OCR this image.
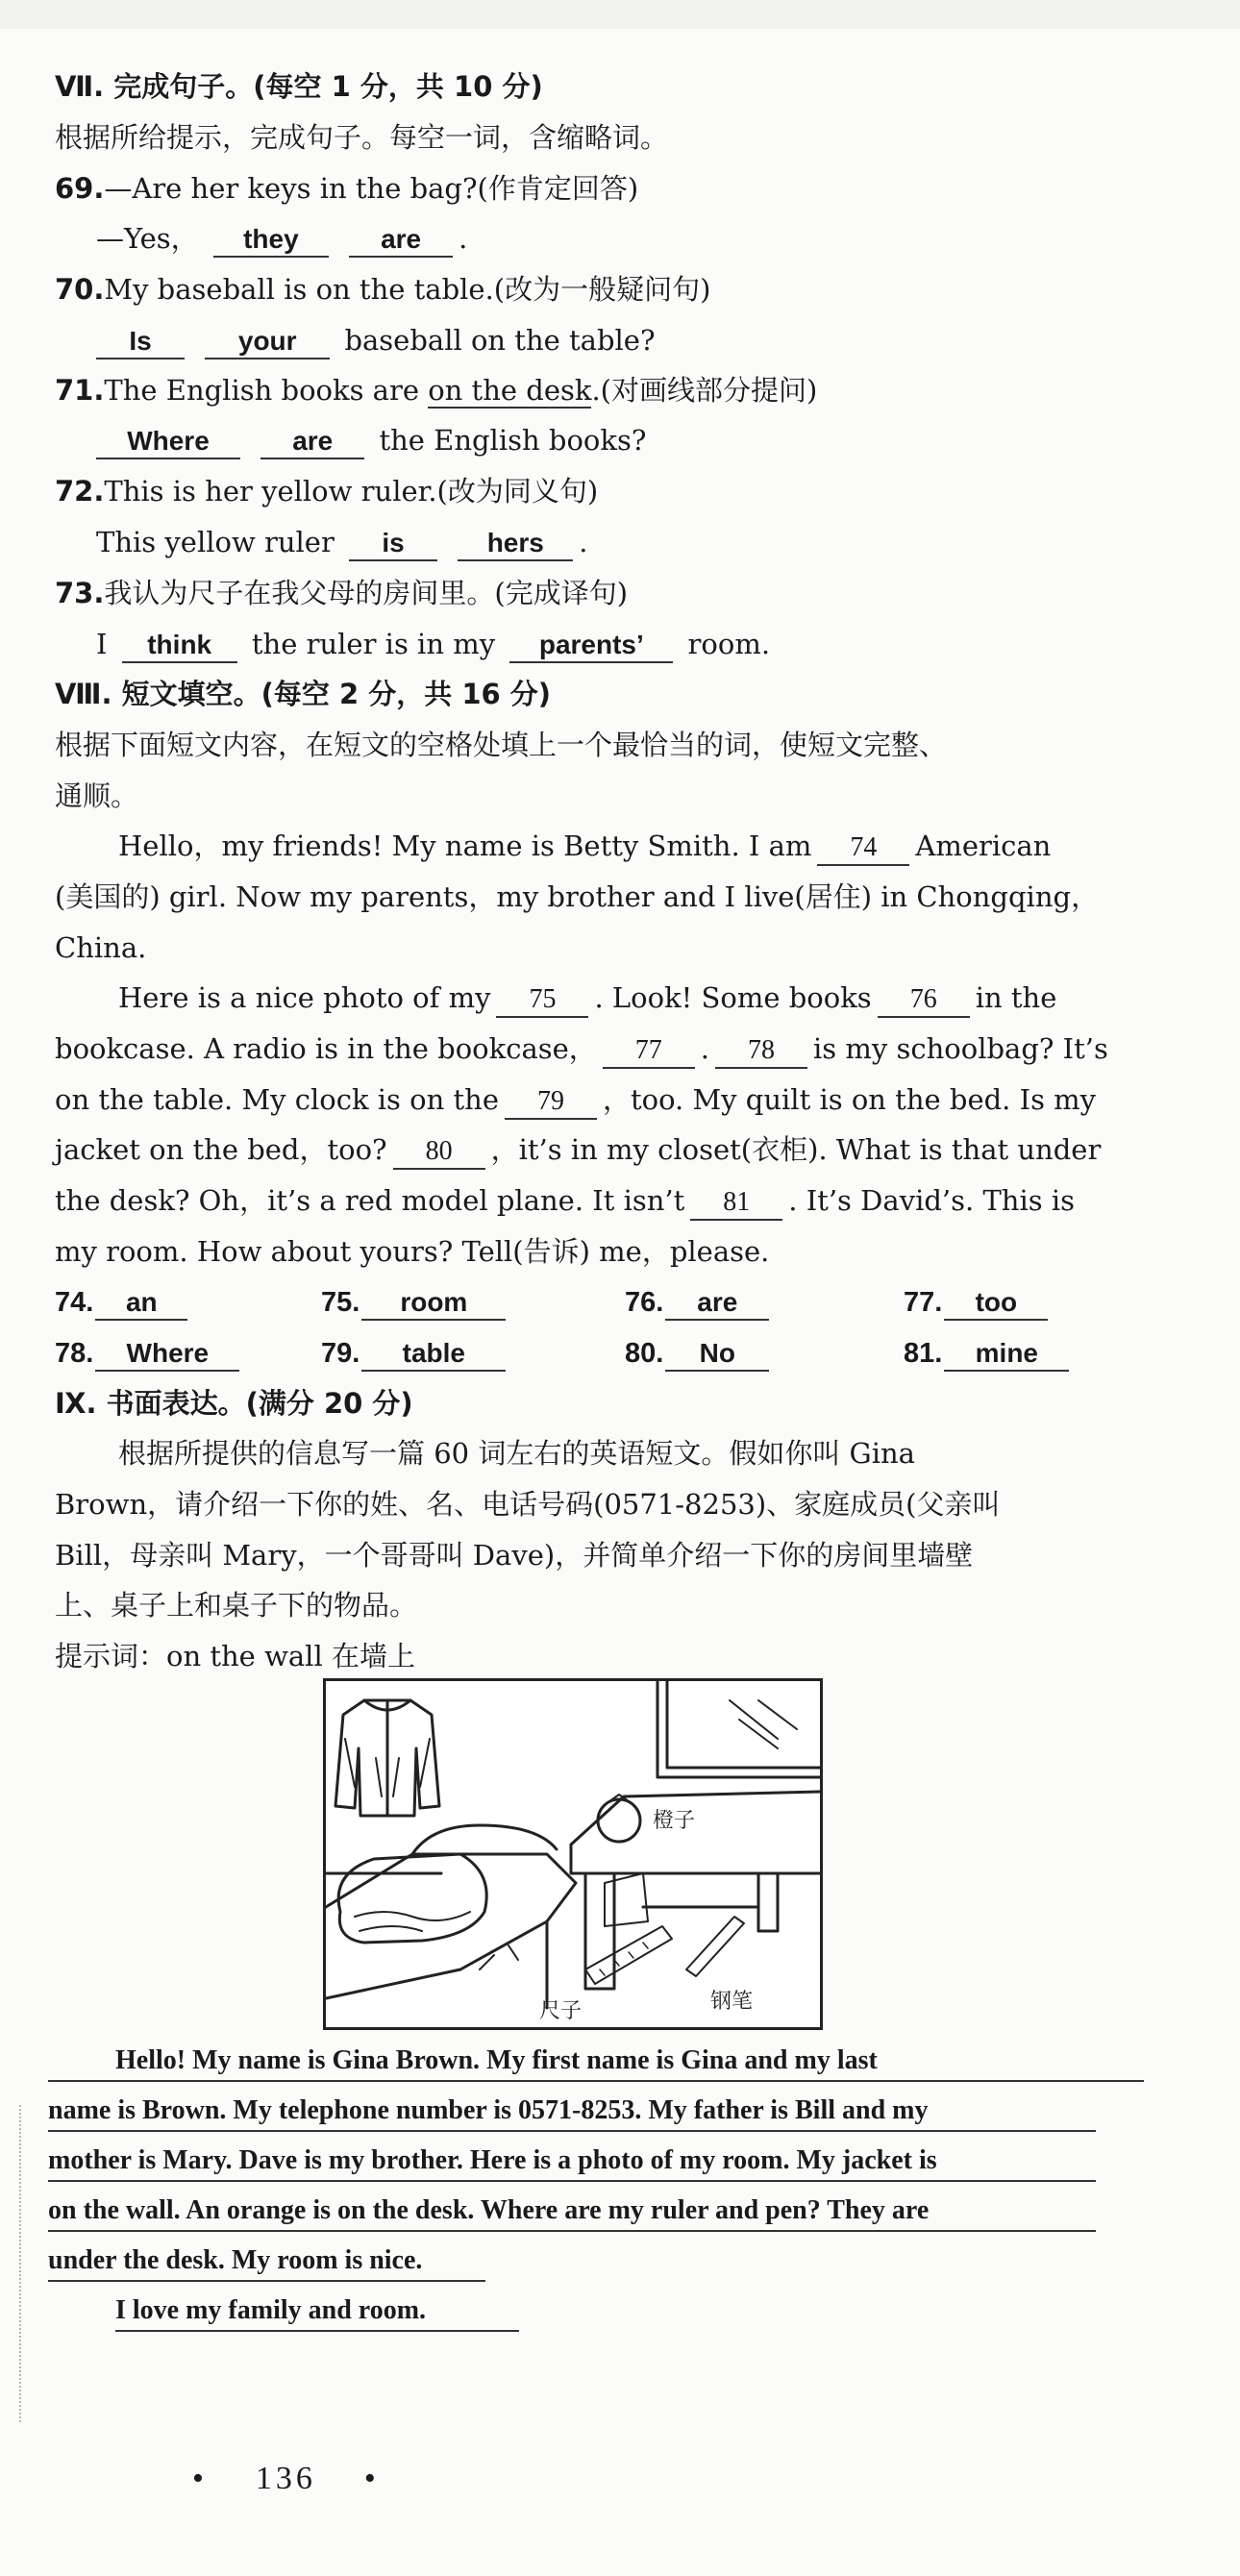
Ⅶ. 完成句子。(每空 1 分，共 10 分)
根据所给提示，完成句子。每空一词，含缩略词。
69.—Are her keys in the bag?(作肯定回答)
—Yes， they	are .
70.My baseball is on the table.(改为一般疑问句)
Is	your baseball on the table?
71.The English books are on the desk.(对画线部分提问)
Where	are the English books?
72.This is her yellow ruler.(改为同义句)
This yellow ruler is	hers .
73.我认为尺子在我父母的房间里。(完成译句)
I think the ruler is in my parents’ room.
Ⅷ. 短文填空。(每空 2 分，共 16 分)
根据下面短文内容，在短文的空格处填上一个最恰当的词，使短文完整、
通顺。
Hello，my friends! My name is Betty Smith. I am 74 American
(美国的) girl. Now my parents，my brother and I live(居住) in Chongqing，
China.
Here is a nice photo of my 75 . Look! Some books 76 in the
bookcase. A radio is in the bookcase， 77 . 78 is my schoolbag? It’s
on the table. My clock is on the 79 ，too. My quilt is on the bed. Is my
jacket on the bed，too? 80 ，it’s in my closet(衣柜). What is that under
the desk? Oh，it’s a red model plane. It isn’t 81 . It’s David’s. This is
my room. How about yours? Tell(告诉) me，please.
74. an	75. room	76. are	77. too
78. Where	79. table	80. No	81. mine
Ⅸ. 书面表达。(满分 20 分)
根据所提供的信息写一篇 60 词左右的英语短文。假如你叫 Gina
Brown，请介绍一下你的姓、名、电话号码(0571-8253)、家庭成员(父亲叫
Bill，母亲叫 Mary，一个哥哥叫 Dave)，并简单介绍一下你的房间里墙壁
上、桌子上和桌子下的物品。
提示词：on the wall 在墙上
橙子
尺子	钢笔
Hello! My name is Gina Brown. My first name is Gina and my last
name is Brown. My telephone number is 0571-8253. My father is Bill and my
mother is Mary. Dave is my brother. Here is a photo of my room. My jacket is
on the wall. An orange is on the desk. Where are my ruler and pen? They are
under the desk. My room is nice.
I love my family and room.
•    136    •
